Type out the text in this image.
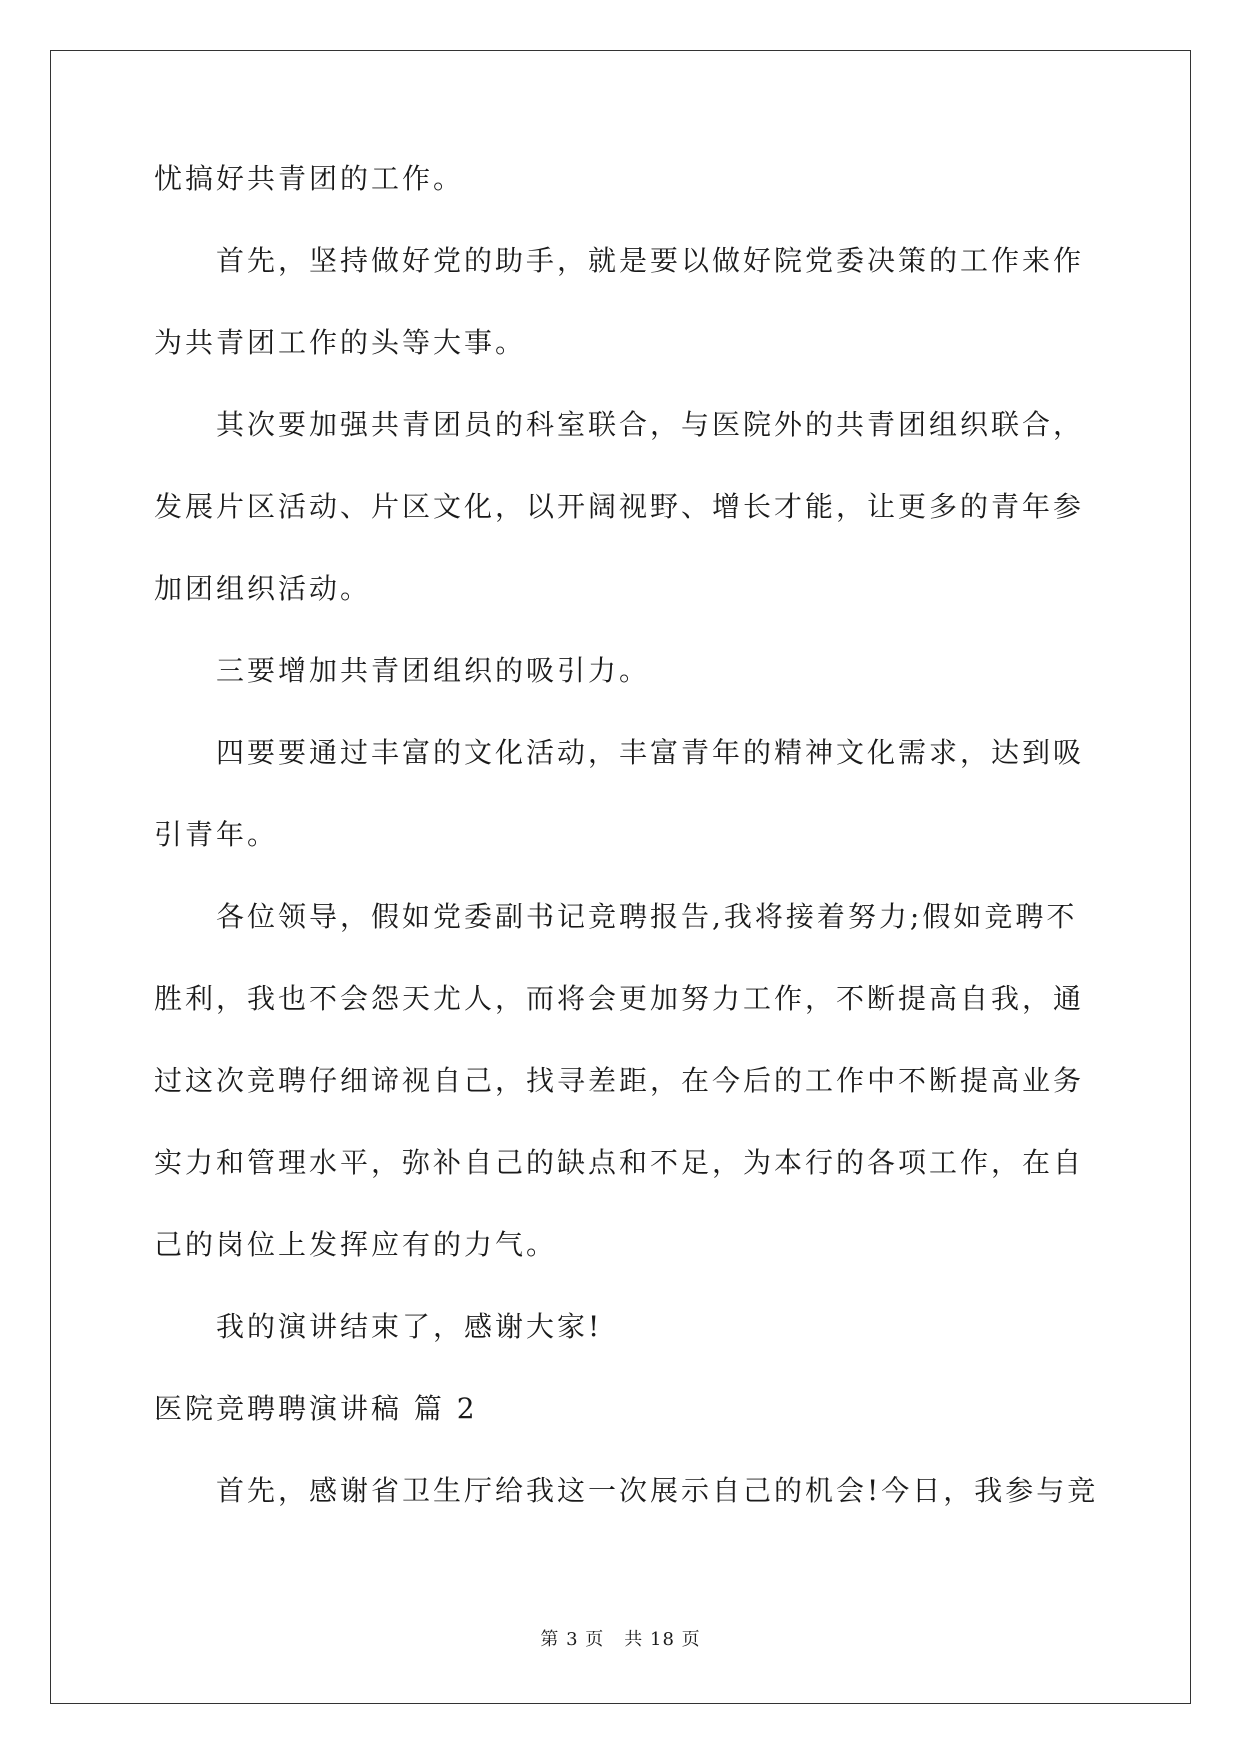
忧搞好共青团的工作。
首先，坚持做好党的助手，就是要以做好院党委决策的工作来作
为共青团工作的头等大事。
其次要加强共青团员的科室联合，与医院外的共青团组织联合，
发展片区活动、片区文化，以开阔视野、增长才能，让更多的青年参
加团组织活动。
三要增加共青团组织的吸引力。
四要要通过丰富的文化活动，丰富青年的精神文化需求，达到吸
引青年。
各位领导，假如党委副书记竞聘报告,我将接着努力;假如竞聘不
胜利，我也不会怨天尤人，而将会更加努力工作，不断提高自我，通
过这次竞聘仔细谛视自己，找寻差距，在今后的工作中不断提高业务
实力和管理水平，弥补自己的缺点和不足，为本行的各项工作，在自
己的岗位上发挥应有的力气。
我的演讲结束了，感谢大家!
医院竞聘聘演讲稿 篇 2
首先，感谢省卫生厅给我这一次展示自己的机会!今日，我参与竞
第 3 页 共 18 页
